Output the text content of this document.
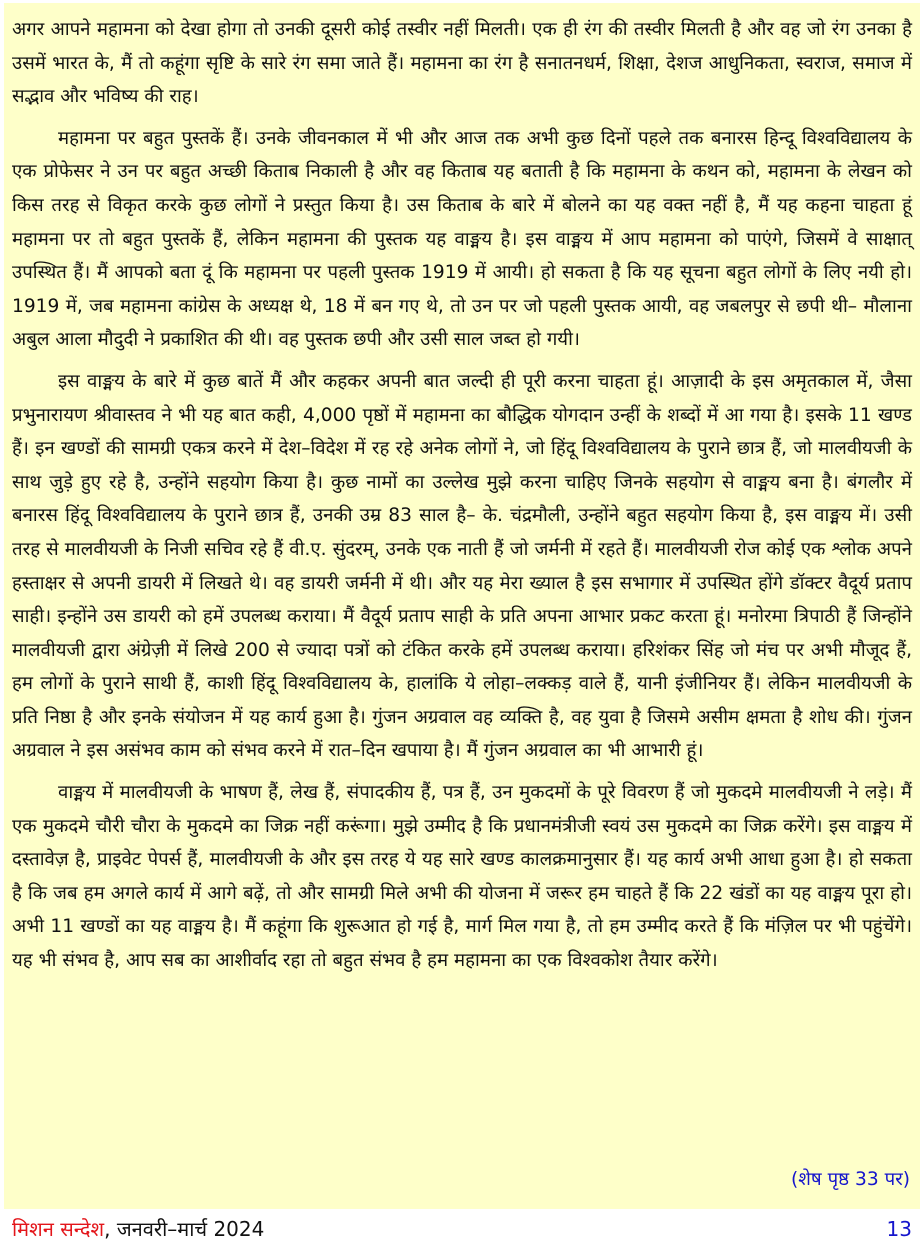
अगर आपने महामना को देखा होगा तो उनकी दूसरी कोई तस्वीर नहीं मिलती। एक ही रंग की तस्वीर मिलती है और वह जो रंग उनका है उसमें भारत के, मैं तो कहूंगा सृष्टि के सारे रंग समा जाते हैं। महामना का रंग है सनातनधर्म, शिक्षा, देशज आधुनिकता, स्वराज, समाज में सद्भाव और भविष्य की राह।

महामना पर बहुत पुस्तकें हैं। उनके जीवनकाल में भी और आज तक अभी कुछ दिनों पहले तक बनारस हिन्दू विश्वविद्यालय के एक प्रोफेसर ने उन पर बहुत अच्छी किताब निकाली है और वह किताब यह बताती है कि महामना के कथन को, महामना के लेखन को किस तरह से विकृत करके कुछ लोगों ने प्रस्तुत किया है। उस किताब के बारे में बोलने का यह वक्त नहीं है, मैं यह कहना चाहता हूं महामना पर तो बहुत पुस्तकें हैं, लेकिन महामना की पुस्तक यह वाङ्मय है। इस वाङ्मय में आप महामना को पाएंगे, जिसमें वे साक्षात् उपस्थित हैं। मैं आपको बता दूं कि महामना पर पहली पुस्तक 1919 में आयी। हो सकता है कि यह सूचना बहुत लोगों के लिए नयी हो। 1919 में, जब महामना कांग्रेस के अध्यक्ष थे, 18 में बन गए थे, तो उन पर जो पहली पुस्तक आयी, वह जबलपुर से छपी थी– मौलाना अबुल आला मौदुदी ने प्रकाशित की थी। वह पुस्तक छपी और उसी साल जब्त हो गयी।

इस वाङ्मय के बारे में कुछ बातें मैं और कहकर अपनी बात जल्दी ही पूरी करना चाहता हूं। आज़ादी के इस अमृतकाल में, जैसा प्रभुनारायण श्रीवास्तव ने भी यह बात कही, 4,000 पृष्ठों में महामना का बौद्धिक योगदान उन्हीं के शब्दों में आ गया है। इसके 11 खण्ड हैं। इन खण्डों की सामग्री एकत्र करने में देश–विदेश में रह रहे अनेक लोगों ने, जो हिंदू विश्वविद्यालय के पुराने छात्र हैं, जो मालवीयजी के साथ जुड़े हुए रहे है, उन्होंने सहयोग किया है। कुछ नामों का उल्लेख मुझे करना चाहिए जिनके सहयोग से वाङ्मय बना है। बंगलौर में बनारस हिंदू विश्वविद्यालय के पुराने छात्र हैं, उनकी उम्र 83 साल है– के. चंद्रमौली, उन्होंने बहुत सहयोग किया है, इस वाङ्मय में। उसी तरह से मालवीयजी के निजी सचिव रहे हैं वी.ए. सुंदरम्, उनके एक नाती हैं जो जर्मनी में रहते हैं। मालवीयजी रोज कोई एक श्लोक अपने हस्ताक्षर से अपनी डायरी में लिखते थे। वह डायरी जर्मनी में थी। और यह मेरा ख्याल है इस सभागार में उपस्थित होंगे डॉक्टर वैदूर्य प्रताप साही। इन्होंने उस डायरी को हमें उपलब्ध कराया। मैं वैदूर्य प्रताप साही के प्रति अपना आभार प्रकट करता हूं। मनोरमा त्रिपाठी हैं जिन्होंने मालवीयजी द्वारा अंग्रेज़ी में लिखे 200 से ज्यादा पत्रों को टंकित करके हमें उपलब्ध कराया। हरिशंकर सिंह जो मंच पर अभी मौजूद हैं, हम लोगों के पुराने साथी हैं, काशी हिंदू विश्वविद्यालय के, हालांकि ये लोहा–लक्कड़ वाले हैं, यानी इंजीनियर हैं। लेकिन मालवीयजी के प्रति निष्ठा है और इनके संयोजन में यह कार्य हुआ है। गुंजन अग्रवाल वह व्यक्ति है, वह युवा है जिसमे असीम क्षमता है शोध की। गुंजन अग्रवाल ने इस असंभव काम को संभव करने में रात–दिन खपाया है। मैं गुंजन अग्रवाल का भी आभारी हूं।

वाङ्मय में मालवीयजी के भाषण हैं, लेख हैं, संपादकीय हैं, पत्र हैं, उन मुकदमों के पूरे विवरण हैं जो मुकदमे मालवीयजी ने लड़े। मैं एक मुकदमे चौरी चौरा के मुकदमे का जिक्र नहीं करूंगा। मुझे उम्मीद है कि प्रधानमंत्रीजी स्वयं उस मुकदमे का जिक्र करेंगे। इस वाङ्मय में दस्तावेज़ है, प्राइवेट पेपर्स हैं, मालवीयजी के और इस तरह ये यह सारे खण्ड कालक्रमानुसार हैं। यह कार्य अभी आधा हुआ है। हो सकता है कि जब हम अगले कार्य में आगे बढ़ें, तो और सामग्री मिले अभी की योजना में जरूर हम चाहते हैं कि 22 खंडों का यह वाङ्मय पूरा हो। अभी 11 खण्डों का यह वाङ्मय है। मैं कहूंगा कि शुरूआत हो गई है, मार्ग मिल गया है, तो हम उम्मीद करते हैं कि मंज़िल पर भी पहुंचेंगे। यह भी संभव है, आप सब का आशीर्वाद रहा तो बहुत संभव है हम महामना का एक विश्वकोश तैयार करेंगे।

(शेष पृष्ठ 33 पर)
मिशन सन्देश, जनवरी–मार्च 2024	13
